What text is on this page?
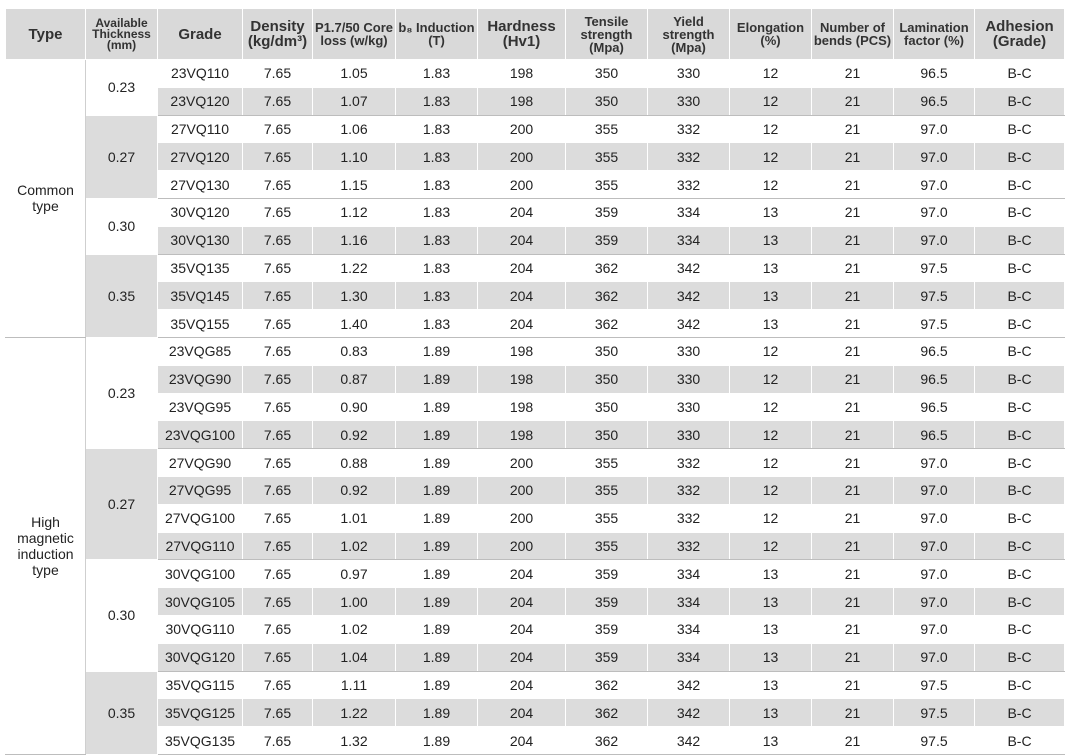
Type	Available Thickness (mm)	Grade	Density (kg/dm³)	P1.7/50 Core loss (w/kg)	b₈ Induction (T)	Hardness (Hv1)	Tensile strength (Mpa)	Yield strength (Mpa)	Elongation (%)	Number of bends (PCS)	Lamination factor (%)	Adhesion (Grade)
Common type	0.23	23VQ110	7.65	1.05	1.83	198	350	330	12	21	96.5	B-C
		23VQ120	7.65	1.07	1.83	198	350	330	12	21	96.5	B-C
	0.27	27VQ110	7.65	1.06	1.83	200	355	332	12	21	97.0	B-C
		27VQ120	7.65	1.10	1.83	200	355	332	12	21	97.0	B-C
		27VQ130	7.65	1.15	1.83	200	355	332	12	21	97.0	B-C
	0.30	30VQ120	7.65	1.12	1.83	204	359	334	13	21	97.0	B-C
		30VQ130	7.65	1.16	1.83	204	359	334	13	21	97.0	B-C
	0.35	35VQ135	7.65	1.22	1.83	204	362	342	13	21	97.5	B-C
		35VQ145	7.65	1.30	1.83	204	362	342	13	21	97.5	B-C
		35VQ155	7.65	1.40	1.83	204	362	342	13	21	97.5	B-C
High magnetic induction type	0.23	23VQG85	7.65	0.83	1.89	198	350	330	12	21	96.5	B-C
		23VQG90	7.65	0.87	1.89	198	350	330	12	21	96.5	B-C
		23VQG95	7.65	0.90	1.89	198	350	330	12	21	96.5	B-C
		23VQG100	7.65	0.92	1.89	198	350	330	12	21	96.5	B-C
	0.27	27VQG90	7.65	0.88	1.89	200	355	332	12	21	97.0	B-C
		27VQG95	7.65	0.92	1.89	200	355	332	12	21	97.0	B-C
		27VQG100	7.65	1.01	1.89	200	355	332	12	21	97.0	B-C
		27VQG110	7.65	1.02	1.89	200	355	332	12	21	97.0	B-C
	0.30	30VQG100	7.65	0.97	1.89	204	359	334	13	21	97.0	B-C
		30VQG105	7.65	1.00	1.89	204	359	334	13	21	97.0	B-C
		30VQG110	7.65	1.02	1.89	204	359	334	13	21	97.0	B-C
		30VQG120	7.65	1.04	1.89	204	359	334	13	21	97.0	B-C
	0.35	35VQG115	7.65	1.11	1.89	204	362	342	13	21	97.5	B-C
		35VQG125	7.65	1.22	1.89	204	362	342	13	21	97.5	B-C
		35VQG135	7.65	1.32	1.89	204	362	342	13	21	97.5	B-C
